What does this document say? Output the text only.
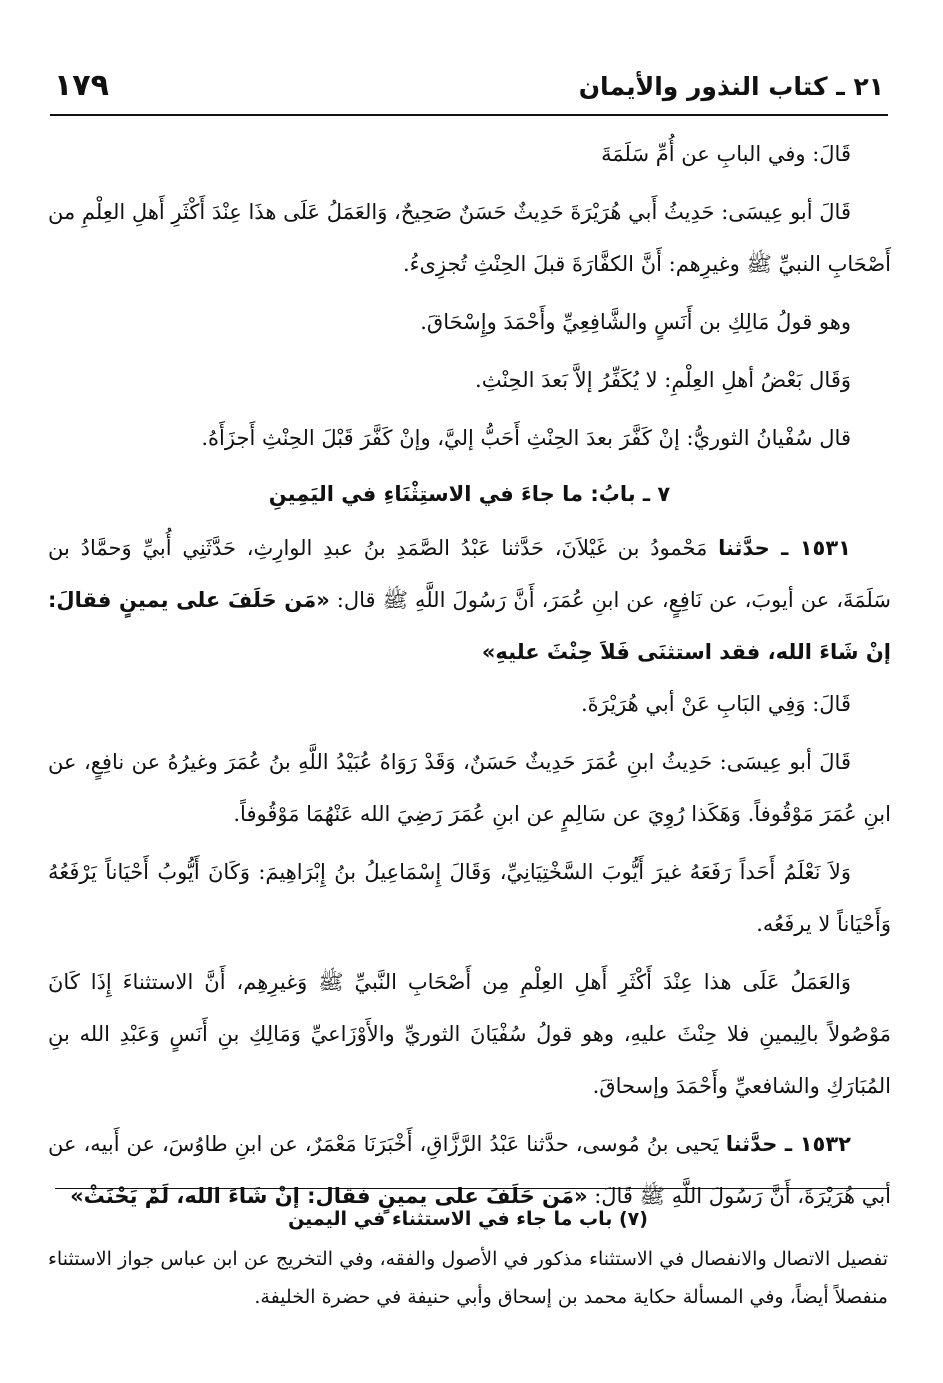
١٧٩	٢١ ـ كتاب النذور والأيمان

قَالَ: وفي البابِ عن أُمِّ سَلَمَةَ

قَالَ أبو عِيسَى: حَدِيثُ أَبي هُرَيْرَةَ حَدِيثٌ حَسَنٌ صَحِيحٌ، وَالعَمَلُ عَلَى هذَا عِنْدَ أَكْثَرِ أَهلِ العِلْمِ من أَصْحَابِ النبيِّ ﷺ وغيرِهم: أَنَّ الكفَّارَةَ قبلَ الحِنْثِ تُجزِىءُ.

وهو قولُ مَالِكِ بن أَنَسٍ والشَّافِعِيِّ وأَحْمَدَ وإِسْحَاقَ.

وَقَال بَعْضُ أهلِ العِلْمِ: لا يُكَفِّرُ إلاَّ بَعدَ الحِنْثِ.

قال سُفْيانُ الثوريُّ: إنْ كَفَّرَ بعدَ الحِنْثِ أَحَبُّ إليَّ، وإنْ كَفَّرَ قَبْلَ الحِنْثِ أَجزَأَهُ.

٧ ـ بابُ: ما جاءَ في الاستِثْنَاءِ في اليَمِينِ

١٥٣١ ـ حدَّثنا مَحْمودُ بن غَيْلاَنَ، حَدَّثنا عَبْدُ الصَّمَدِ بنُ عبدِ الوارِثِ، حَدَّثَنِي أُبيِّ وَحمَّادُ بن سَلَمَةَ، عن أيوبَ، عن نَافِعٍ، عن ابنِ عُمَرَ، أَنَّ رَسُولَ اللَّهِ ﷺ قال: «مَن حَلَفَ على يمينٍ فقالَ: إنْ شَاءَ الله، فقد استثنَى فَلاَ حِنْثَ عليهِ»

قَالَ: وَفِي البَابِ عَنْ أبي هُرَيْرَةَ.

قَالَ أبو عِيسَى: حَدِيثُ ابنِ عُمَرَ حَدِيثٌ حَسَنٌ، وَقَدْ رَوَاهُ عُبَيْدُ اللَّهِ بنُ عُمَرَ وغيرُهُ عن نافِعٍ، عن ابنِ عُمَرَ مَوْقُوفاً. وَهَكَذا رُوِيَ عن سَالِمٍ عن ابنِ عُمَرَ رَضِيَ الله عَنْهُمَا مَوْقُوفاً.

وَلاَ نَعْلَمُ أَحَداً رَفَعَهُ غيرَ أَيُّوبَ السَّخْتِيَانِيِّ، وَقَالَ إِسْمَاعِيلُ بنُ إِبْرَاهِيمَ: وَكَانَ أَيُّوبُ أَحْيَاناً يَرْفَعُهُ وَأَحْيَاناً لا يرفَعُه.

وَالعَمَلُ عَلَى هذا عِنْدَ أَكْثَرِ أَهلِ العِلْمِ مِن أَصْحَابِ النَّبيِّ ﷺ وَغيرِهِم، أَنَّ الاستثناءَ إِذَا كَانَ مَوْصُولاً بالِيمينِ فلا حِنْثَ عليهِ، وهو قولُ سُفْيَانَ الثوريِّ والأَوْزَاعيِّ وَمَالِكِ بنِ أَنَسٍ وَعَبْدِ الله بنِ المُبَارَكِ والشافعيِّ وأَحْمَدَ وإسحاقَ.

١٥٣٢ ـ حدَّثنا يَحيى بنُ مُوسى، حدَّثنا عَبْدُ الرَّزَّاقِ، أَخْبَرَنَا مَعْمَرٌ، عن ابنِ طاوُسَ، عن أَبيه، عن أبي هُرَيْرَةَ، أَنَّ رَسُولَ اللَّهِ ﷺ قَالَ: «مَن حَلَفَ على يمينٍ فقال: إنْ شَاءَ الله، لَمْ يَحْنَثْ»

(٧) باب ما جاء في الاستثناء في اليمين

تفصيل الاتصال والانفصال في الاستثناء مذكور في الأصول والفقه، وفي التخريج عن ابن عباس جواز الاستثناء منفصلاً أيضاً، وفي المسألة حكاية محمد بن إسحاق وأبي حنيفة في حضرة الخليفة.
